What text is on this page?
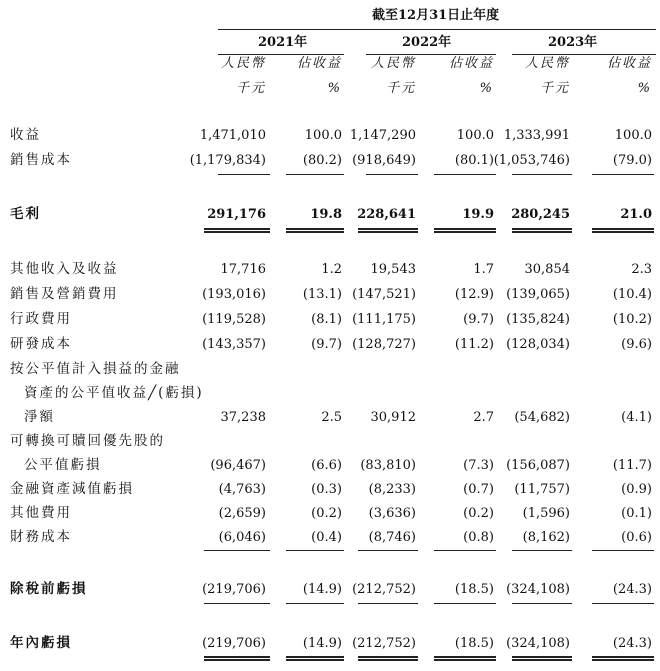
截至12月31日止年度
2021年	2022年	2023年
人民幣 佔收益 人民幣	佔收益 人民幣	佔收益
千元	%	千元	%	千元	%
收益	1,471,010	100.0 1,147,290	100.0 1,333,991	100.0
銷售成本	(1,179,834)	(80.2) (918,649)	(80.1) (1,053,746)	(79.0)
毛利	291,176	19.8 228,641	19.9 280,245	21.0
其他收入及收益	17,716	1.2 19,543	1.7 30,854	2.3
銷售及營銷費用	(193,016)	(13.1) (147,521)	(12.9) (139,065)	(10.4)
行政費用	(119,528)	(8.1) (111,175)	(9.7) (135,824)	(10.2)
研發成本	(143,357)	(9.7) (128,727)	(11.2) (128,034)	(9.6)
按公平值計入損益的金融
資產的公平值收益╱(虧損)
淨額	37,238	2.5 30,912	2.7 (54,682)	(4.1)
可轉換可贖回優先股的
公平值虧損	(96,467)	(6.6) (83,810)	(7.3) (156,087)	(11.7)
金融資產減值虧損	(4,763)	(0.3) (8,233)	(0.7) (11,757)	(0.9)
其他費用	(2,659)	(0.2) (3,636)	(0.2) (1,596)	(0.1)
財務成本	(6,046)	(0.4) (8,746)	(0.8) (8,162)	(0.6)
除稅前虧損	(219,706)	(14.9) (212,752)	(18.5) (324,108)	(24.3)
年內虧損	(219,706)	(14.9) (212,752)	(18.5) (324,108)	(24.3)
